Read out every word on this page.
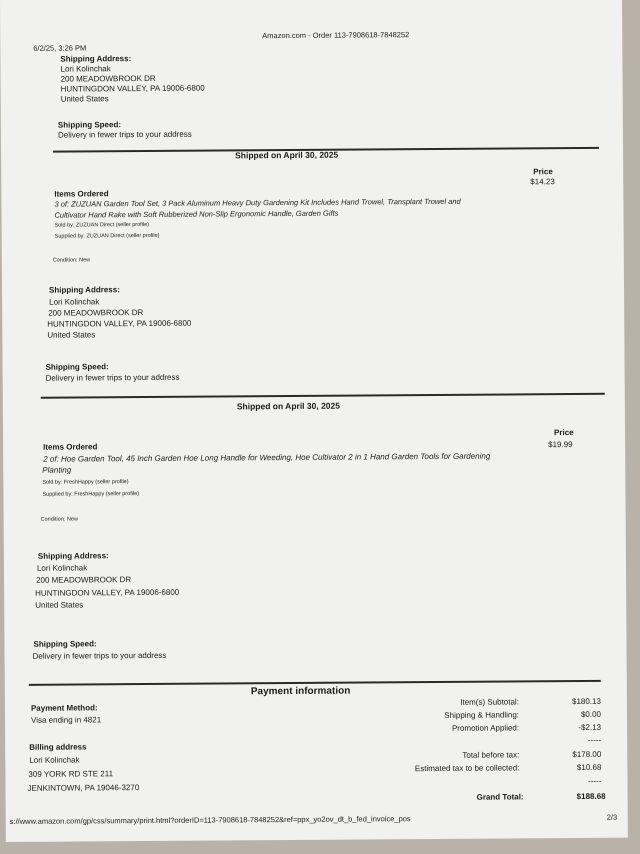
6/2/25, 3:26 PM
Amazon.com - Order 113-7908618-7848252
Shipping Address:
Lori Kolinchak
200 MEADOWBROOK DR
HUNTINGDON VALLEY, PA 19006-6800
United States
Shipping Speed:
Delivery in fewer trips to your address
Shipped on April 30, 2025
Items Ordered
Price
$14.23
3 of: ZUZUAN Garden Tool Set, 3 Pack Aluminum Heavy Duty Gardening Kit Includes Hand Trowel, Transplant Trowel and
Cultivator Hand Rake with Soft Rubberized Non-Slip Ergonomic Handle, Garden Gifts
Sold by: ZUZUAN Direct (seller profile)
Supplied by: ZUZUAN Direct (seller profile)
Condition: New
Shipping Address:
Lori Kolinchak
200 MEADOWBROOK DR
HUNTINGDON VALLEY, PA 19006-6800
United States
Shipping Speed:
Delivery in fewer trips to your address
Shipped on April 30, 2025
Items Ordered
Price
$19.99
2 of: Hoe Garden Tool, 45 Inch Garden Hoe Long Handle for Weeding, Hoe Cultivator 2 in 1 Hand Garden Tools for Gardening
Planting
Sold by: FreshHappy (seller profile)
Supplied by: FreshHappy (seller profile)
Condition: New
Shipping Address:
Lori Kolinchak
200 MEADOWBROOK DR
HUNTINGDON VALLEY, PA 19006-6800
United States
Shipping Speed:
Delivery in fewer trips to your address
Payment information
Payment Method:
Visa ending in 4821
Billing address
Lori Kolinchak
309 YORK RD STE 211
JENKINTOWN, PA 19046-3270
Item(s) Subtotal:	$180.13
Shipping & Handling:	$0.00
Promotion Applied:	-$2.13
-----
Total before tax:	$178.00
Estimated tax to be collected:	$10.68
-----
Grand Total:	$188.68
s://www.amazon.com/gp/css/summary/print.html?orderID=113-7908618-7848252&ref=ppx_yo2ov_dt_b_fed_invoice_pos	2/3
